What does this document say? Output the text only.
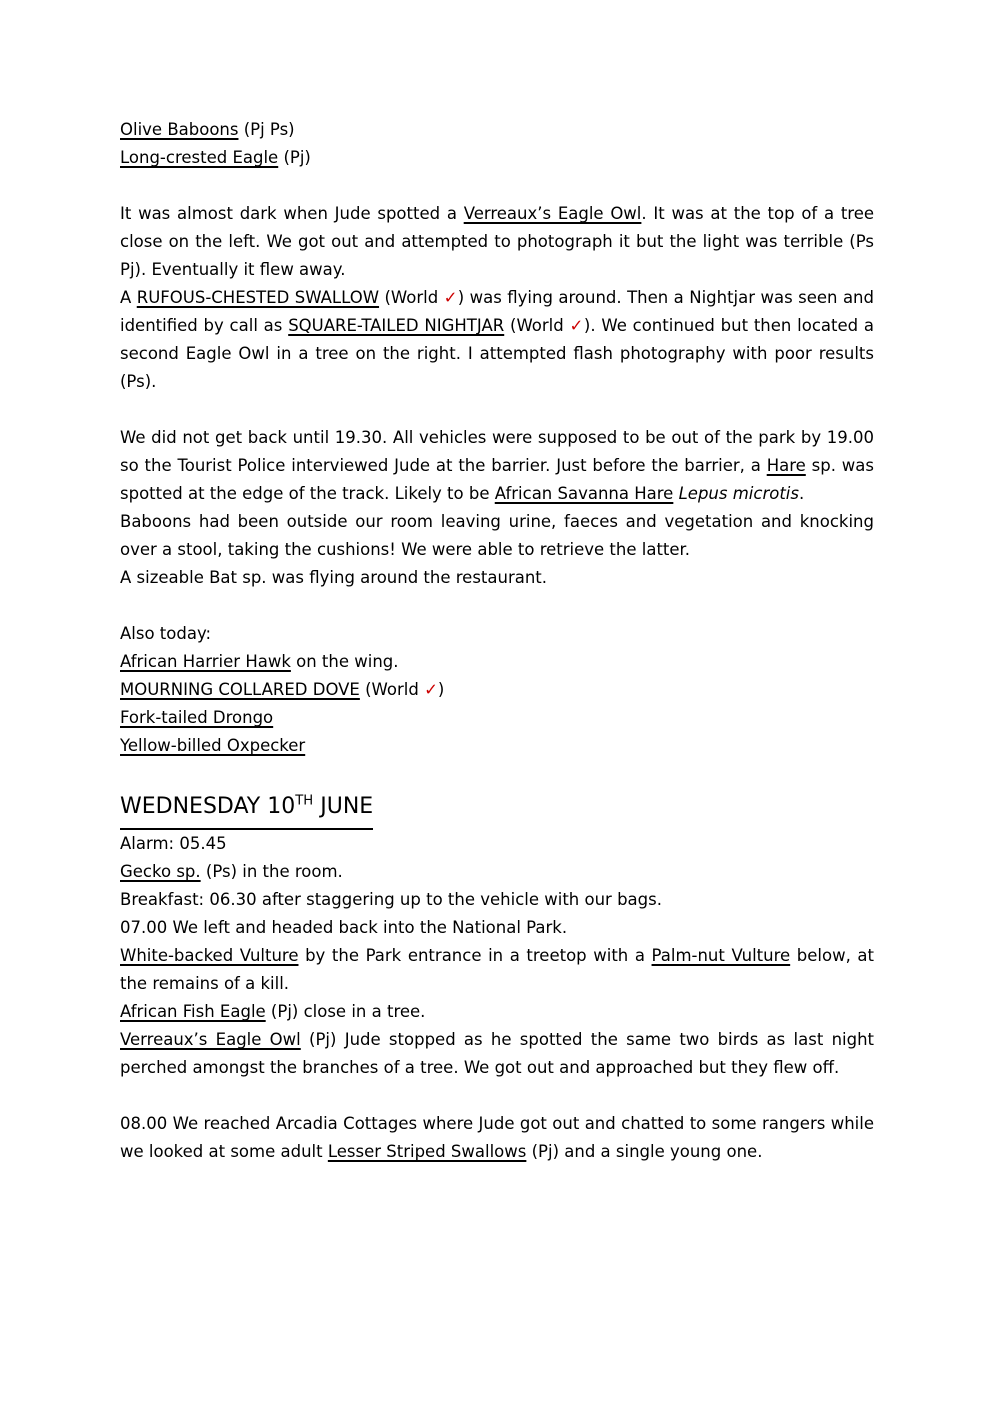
Olive Baboons (Pj Ps)
Long-crested Eagle (Pj)
It was almost dark when Jude spotted a Verreaux’s Eagle Owl. It was at the top of a tree close on the left. We got out and attempted to photograph it but the light was terrible (Ps Pj). Eventually it flew away.
A RUFOUS-CHESTED SWALLOW (World ✓) was flying around. Then a Nightjar was seen and identified by call as SQUARE-TAILED NIGHTJAR (World ✓). We continued but then located a second Eagle Owl in a tree on the right. I attempted flash photography with poor results (Ps).
We did not get back until 19.30. All vehicles were supposed to be out of the park by 19.00 so the Tourist Police interviewed Jude at the barrier. Just before the barrier, a Hare sp. was spotted at the edge of the track. Likely to be African Savanna Hare Lepus microtis.
Baboons had been outside our room leaving urine, faeces and vegetation and knocking over a stool, taking the cushions! We were able to retrieve the latter.
A sizeable Bat sp. was flying around the restaurant.
Also today:
African Harrier Hawk on the wing.
MOURNING COLLARED DOVE (World ✓)
Fork-tailed Drongo
Yellow-billed Oxpecker
WEDNESDAY 10TH JUNE
Alarm: 05.45
Gecko sp. (Ps) in the room.
Breakfast: 06.30 after staggering up to the vehicle with our bags.
07.00 We left and headed back into the National Park.
White-backed Vulture by the Park entrance in a treetop with a Palm-nut Vulture below, at the remains of a kill.
African Fish Eagle (Pj) close in a tree.
Verreaux’s Eagle Owl (Pj) Jude stopped as he spotted the same two birds as last night perched amongst the branches of a tree. We got out and approached but they flew off.
08.00 We reached Arcadia Cottages where Jude got out and chatted to some rangers while we looked at some adult Lesser Striped Swallows (Pj) and a single young one.
